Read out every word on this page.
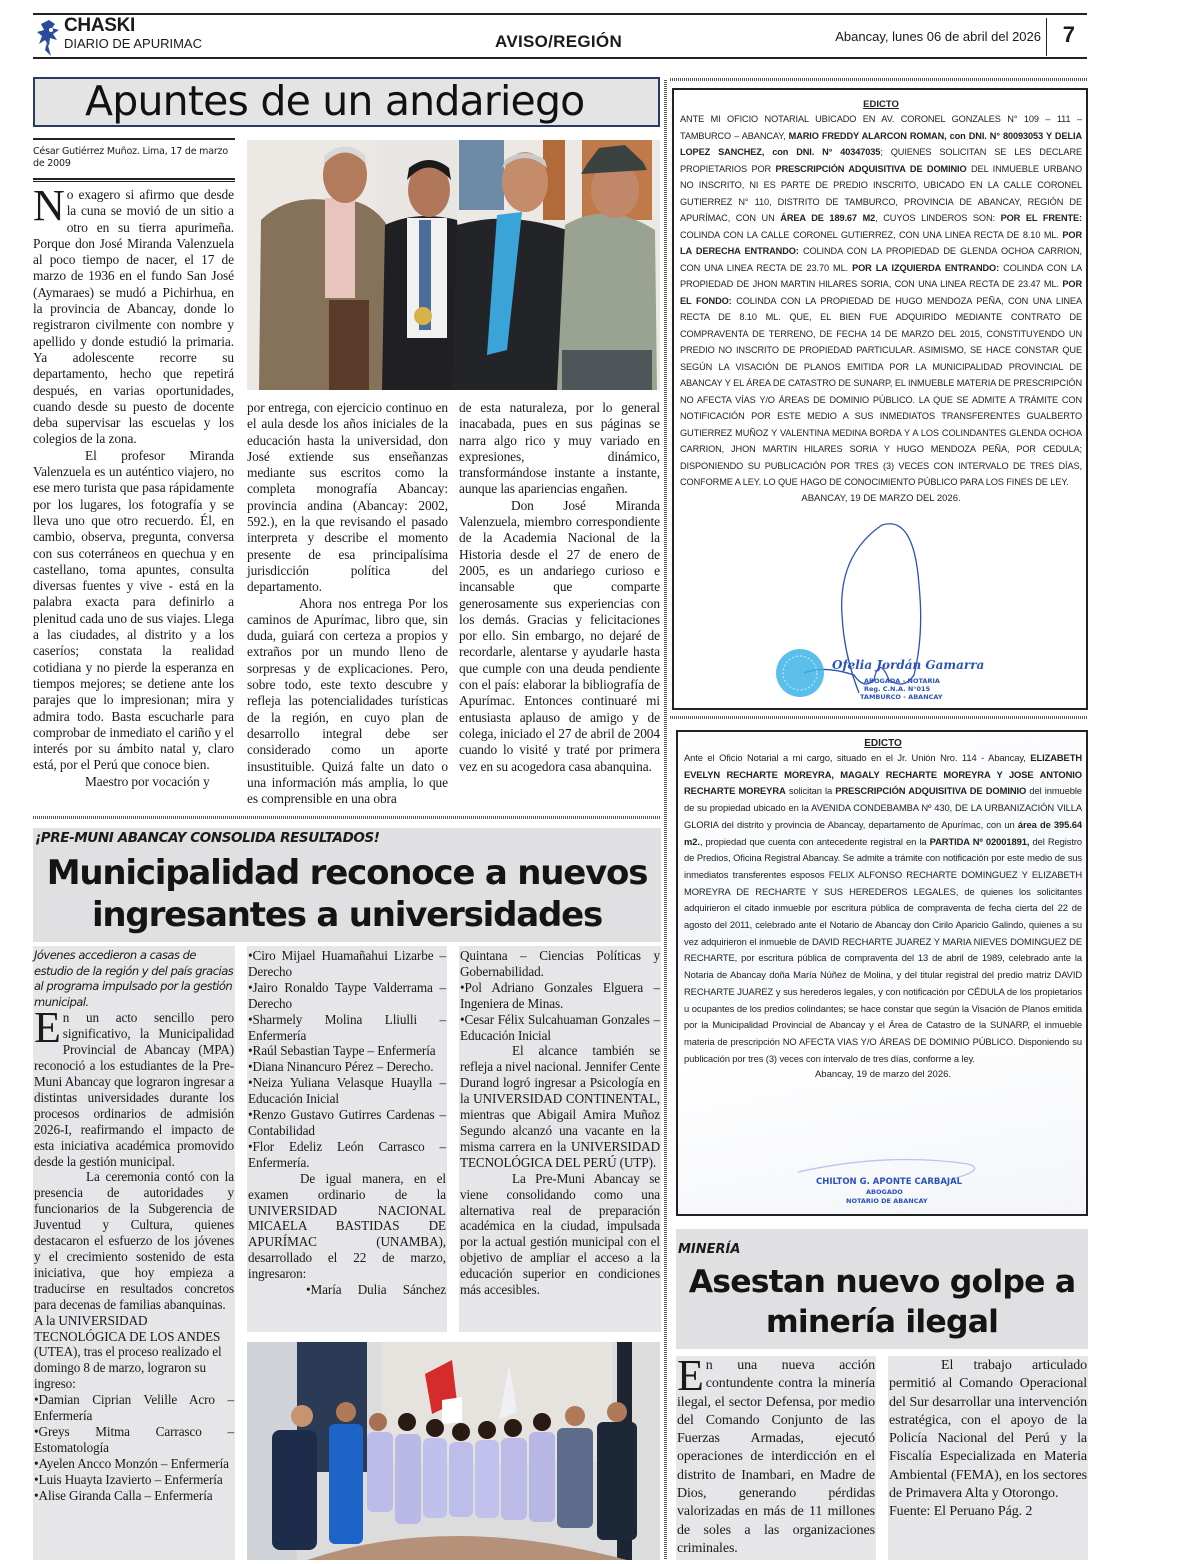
CHASKI
DIARIO DE APURIMAC	AVISO/REGIÓN	Abancay, lunes 06 de abril del 2026 7
Apuntes de un andariego
César Gutiérrez Muñoz. Lima, 17 de marzo de 2009

No exagero si afirmo que desde la cuna se movió de un sitio a otro en su tierra apurimeña. Porque don José Miranda Valenzuela al poco tiempo de nacer, el 17 de marzo de 1936 en el fundo San José (Aymaraes) se mudó a Pichirhua, en la provincia de Abancay, donde lo registraron civilmente con nombre y apellido y donde estudió la primaria. Ya adolescente recorre su departamento, hecho que repetirá después, en varias oportunidades, cuando desde su puesto de docente deba supervisar las escuelas y los colegios de la zona.

El profesor Miranda Valenzuela es un auténtico viajero, no ese mero turista que pasa rápidamente por los lugares, los fotografía y se lleva uno que otro recuerdo. Él, en cambio, observa, pregunta, conversa con sus coterráneos en quechua y en castellano, toma apuntes, consulta diversas fuentes y vive - está en la palabra exacta para definirlo a plenitud cada uno de sus viajes. Llega a las ciudades, al distrito y a los caseríos; constata la realidad cotidiana y no pierde la esperanza en tiempos mejores; se detiene ante los parajes que lo impresionan; mira y admira todo. Basta escucharle para comprobar de inmediato el cariño y el interés por su ámbito natal y, claro está, por el Perú que conoce bien.

Maestro por vocación y

por entrega, con ejercicio continuo en el aula desde los años iniciales de la educación hasta la universidad, don José extiende sus enseñanzas mediante sus escritos como la completa monografía Abancay: provincia andina (Abancay: 2002, 592.), en la que revisando el pasado interpreta y describe el momento presente de esa principalísima jurisdicción política del departamento.

Ahora nos entrega Por los caminos de Apurímac, libro que, sin duda, guiará con certeza a propios y extraños por un mundo lleno de sorpresas y de explicaciones. Pero, sobre todo, este texto descubre y refleja las potencialidades turísticas de la región, en cuyo plan de desarrollo integral debe ser considerado como un aporte insustituible. Quizá falte un dato o una información más amplia, lo que es comprensible en una obra

de esta naturaleza, por lo general inacabada, pues en sus páginas se narra algo rico y muy variado en expresiones, dinámico, transformándose instante a instante, aunque las apariencias engañen.

Don José Miranda Valenzuela, miembro correspondiente de la Academia Nacional de la Historia desde el 27 de enero de 2005, es un andariego curioso e incansable que comparte generosamente sus experiencias con los demás. Gracias y felicitaciones por ello. Sin embargo, no dejaré de recordarle, alentarse y ayudarle hasta que cumple con una deuda pendiente con el país: elaborar la bibliografía de Apurímac. Entonces continuaré mi entusiasta aplauso de amigo y de colega, iniciado el 27 de abril de 2004 cuando lo visité y traté por primera vez en su acogedora casa abanquina.

EDICTO
ANTE MI OFICIO NOTARIAL UBICADO EN AV. CORONEL GONZALES N° 109 – 111 – TAMBURCO – ABANCAY, MARIO FREDDY ALARCON ROMAN, con DNI. N° 80093053 Y DELIA LOPEZ SANCHEZ, con DNI. N° 40347035; QUIENES SOLICITAN SE LES DECLARE PROPIETARIOS POR PRESCRIPCIÓN ADQUISITIVA DE DOMINIO DEL INMUEBLE URBANO NO INSCRITO, NI ES PARTE DE PREDIO INSCRITO, UBICADO EN LA CALLE CORONEL GUTIERREZ N° 110, DISTRITO DE TAMBURCO, PROVINCIA DE ABANCAY, REGIÓN DE APURÍMAC, CON UN ÁREA DE 189.67 M2, CUYOS LINDEROS SON: POR EL FRENTE: COLINDA CON LA CALLE CORONEL GUTIERREZ, CON UNA LINEA RECTA DE 8.10 ML. POR LA DERECHA ENTRANDO: COLINDA CON LA PROPIEDAD DE GLENDA OCHOA CARRION, CON UNA LINEA RECTA DE 23.70 ML. POR LA IZQUIERDA ENTRANDO: COLINDA CON LA PROPIEDAD DE JHON MARTIN HILARES SORIA, CON UNA LINEA RECTA DE 23.47 ML. POR EL FONDO: COLINDA CON LA PROPIEDAD DE HUGO MENDOZA PEÑA, CON UNA LINEA RECTA DE 8.10 ML. QUE, EL BIEN FUE ADQUIRIDO MEDIANTE CONTRATO DE COMPRAVENTA DE TERRENO, DE FECHA 14 DE MARZO DEL 2015, CONSTITUYENDO UN PREDIO NO INSCRITO DE PROPIEDAD PARTICULAR. ASIMISMO, SE HACE CONSTAR QUE SEGÚN LA VISACIÓN DE PLANOS EMITIDA POR LA MUNICIPALIDAD PROVINCIAL DE ABANCAY Y EL ÁREA DE CATASTRO DE SUNARP, EL INMUEBLE MATERIA DE PRESCRIPCIÓN NO AFECTA VÍAS Y/O ÁREAS DE DOMINIO PÚBLICO. LA QUE SE ADMITE A TRÁMITE CON NOTIFICACIÓN POR ESTE MEDIO A SUS INMEDIATOS TRANSFERENTES GUALBERTO GUTIERREZ MUÑOZ Y VALENTINA MEDINA BORDA Y A LOS COLINDANTES GLENDA OCHOA CARRION, JHON MARTIN HILARES SORIA Y HUGO MENDOZA PEÑA, POR CEDULA; DISPONIENDO SU PUBLICACIÓN POR TRES (3) VECES CON INTERVALO DE TRES DÍAS, CONFORME A LEY. LO QUE HAGO DE CONOCIMIENTO PÚBLICO PARA LOS FINES DE LEY.
ABANCAY, 19 DE MARZO DEL 2026.
Ofelia Jordán Gamarra
ABOGADA - NOTARIA
Reg. C.N.A. N°015
TAMBURCO - ABANCAY
EDICTO
Ante el Oficio Notarial a mi cargo, situado en el Jr. Unión Nro. 114 - Abancay, ELIZABETH EVELYN RECHARTE MOREYRA, MAGALY RECHARTE MOREYRA Y JOSE ANTONIO RECHARTE MOREYRA solicitan la PRESCRIPCIÓN ADQUISITIVA DE DOMINIO del inmueble de su propiedad ubicado en la AVENIDA CONDEBAMBA Nº 430, DE LA URBANIZACIÓN VILLA GLORIA del distrito y provincia de Abancay, departamento de Apurímac, con un área de 395.64 m2., propiedad que cuenta con antecedente registral en la PARTIDA Nº 02001891, del Registro de Predios, Oficina Registral Abancay. Se admite a trámite con notificación por este medio de sus inmediatos transferentes esposos FELIX ALFONSO RECHARTE DOMINGUEZ Y ELIZABETH MOREYRA DE RECHARTE Y SUS HEREDEROS LEGALES, de quienes los solicitantes adquirieron el citado inmueble por escritura pública de compraventa de fecha cierta del 22 de agosto del 2011, celebrado ante el Notario de Abancay don Cirilo Aparicio Galindo, quienes a su vez adquirieron el inmueble de DAVID RECHARTE JUAREZ Y MARIA NIEVES DOMINGUEZ DE RECHARTE, por escritura pública de compraventa del 13 de abril de 1989, celebrado ante la Notaria de Abancay doña María Núñez de Molina, y del titular registral del predio matriz DAVID RECHARTE JUAREZ y sus herederos legales, y con notificación por CÉDULA de los propietarios u ocupantes de los predios colindantes; se hace constar que según la Visación de Planos emitida por la Municipalidad Provincial de Abancay y el Área de Catastro de la SUNARP, el inmueble materia de prescripción NO AFECTA VIAS Y/O ÁREAS DE DOMINIO PÚBLICO. Disponiendo su publicación por tres (3) veces con intervalo de tres días, conforme a ley.
Abancay, 19 de marzo del 2026.
CHILTON G. APONTE CARBAJAL
ABOGADO
NOTARIO DE ABANCAY
¡PRE-MUNI ABANCAY CONSOLIDA RESULTADOS!
Municipalidad reconoce a nuevos
ingresantes a universidades

Jóvenes accedieron a casas de estudio de la región y del país gracias al programa impulsado por la gestión municipal.

En un acto sencillo pero significativo, la Municipalidad Provincial de Abancay (MPA) reconoció a los estudiantes de la Pre-Muni Abancay que lograron ingresar a distintas universidades durante los procesos ordinarios de admisión 2026-I, reafirmando el impacto de esta iniciativa académica promovido desde la gestión municipal.

La ceremonia contó con la presencia de autoridades y funcionarios de la Subgerencia de Juventud y Cultura, quienes destacaron el esfuerzo de los jóvenes y el crecimiento sostenido de esta iniciativa, que hoy empieza a traducirse en resultados concretos para decenas de familias abanquinas.

A la UNIVERSIDAD TECNOLÓGICA DE LOS ANDES (UTEA), tras el proceso realizado el domingo 8 de marzo, lograron su ingreso:

•Damian Ciprian Velille Acro – Enfermería

•Greys Mitma Carrasco – Estomatología

•Ayelen Ancco Monzón – Enfermería

•Luis Huayta Izavierto – Enfermería

•Alise Giranda Calla – Enfermería

•Ciro Mijael Huamañahui Lizarbe – Derecho

•Jairo Ronaldo Taype Valderrama – Derecho

•Sharmely Molina Lliulli – Enfermería

•Raúl Sebastian Taype – Enfermería

•Diana Ninancuro Pérez – Derecho.

•Neiza Yuliana Velasque Huaylla – Educación Inicial

•Renzo Gustavo Gutirres Cardenas – Contabilidad

•Flor Edeliz León Carrasco – Enfermería.

De igual manera, en el examen ordinario de la UNIVERSIDAD NACIONAL MICAELA BASTIDAS DE APURÍMAC (UNAMBA), desarrollado el 22 de marzo, ingresaron:

•María Dulia Sánchez

Quintana – Ciencias Políticas y Gobernabilidad.

•Pol Adriano Gonzales Elguera – Ingeniera de Minas.

•Cesar Félix Sulcahuaman Gonzales – Educación Inicial

El alcance también se refleja a nivel nacional. Jennifer Cente Durand logró ingresar a Psicología en la UNIVERSIDAD CONTINENTAL, mientras que Abigail Amira Muñoz Segundo alcanzó una vacante en la misma carrera en la UNIVERSIDAD TECNOLÓGICA DEL PERÚ (UTP).

La Pre-Muni Abancay se viene consolidando como una alternativa real de preparación académica en la ciudad, impulsada por la actual gestión municipal con el objetivo de ampliar el acceso a la educación superior en condiciones más accesibles.

MINERÍA
Asestan nuevo golpe a
minería ilegal

En una nueva acción contundente contra la minería ilegal, el sector Defensa, por medio del Comando Conjunto de las Fuerzas Armadas, ejecutó operaciones de interdicción en el distrito de Inambari, en Madre de Dios, generando pérdidas valorizadas en más de 11 millones de soles a las organizaciones criminales.

El trabajo articulado permitió al Comando Operacional del Sur desarrollar una intervención estratégica, con el apoyo de la Policía Nacional del Perú y la Fiscalía Especializada en Materia Ambiental (FEMA), en los sectores de Primavera Alta y Otorongo.

Fuente: El Peruano Pág. 2
